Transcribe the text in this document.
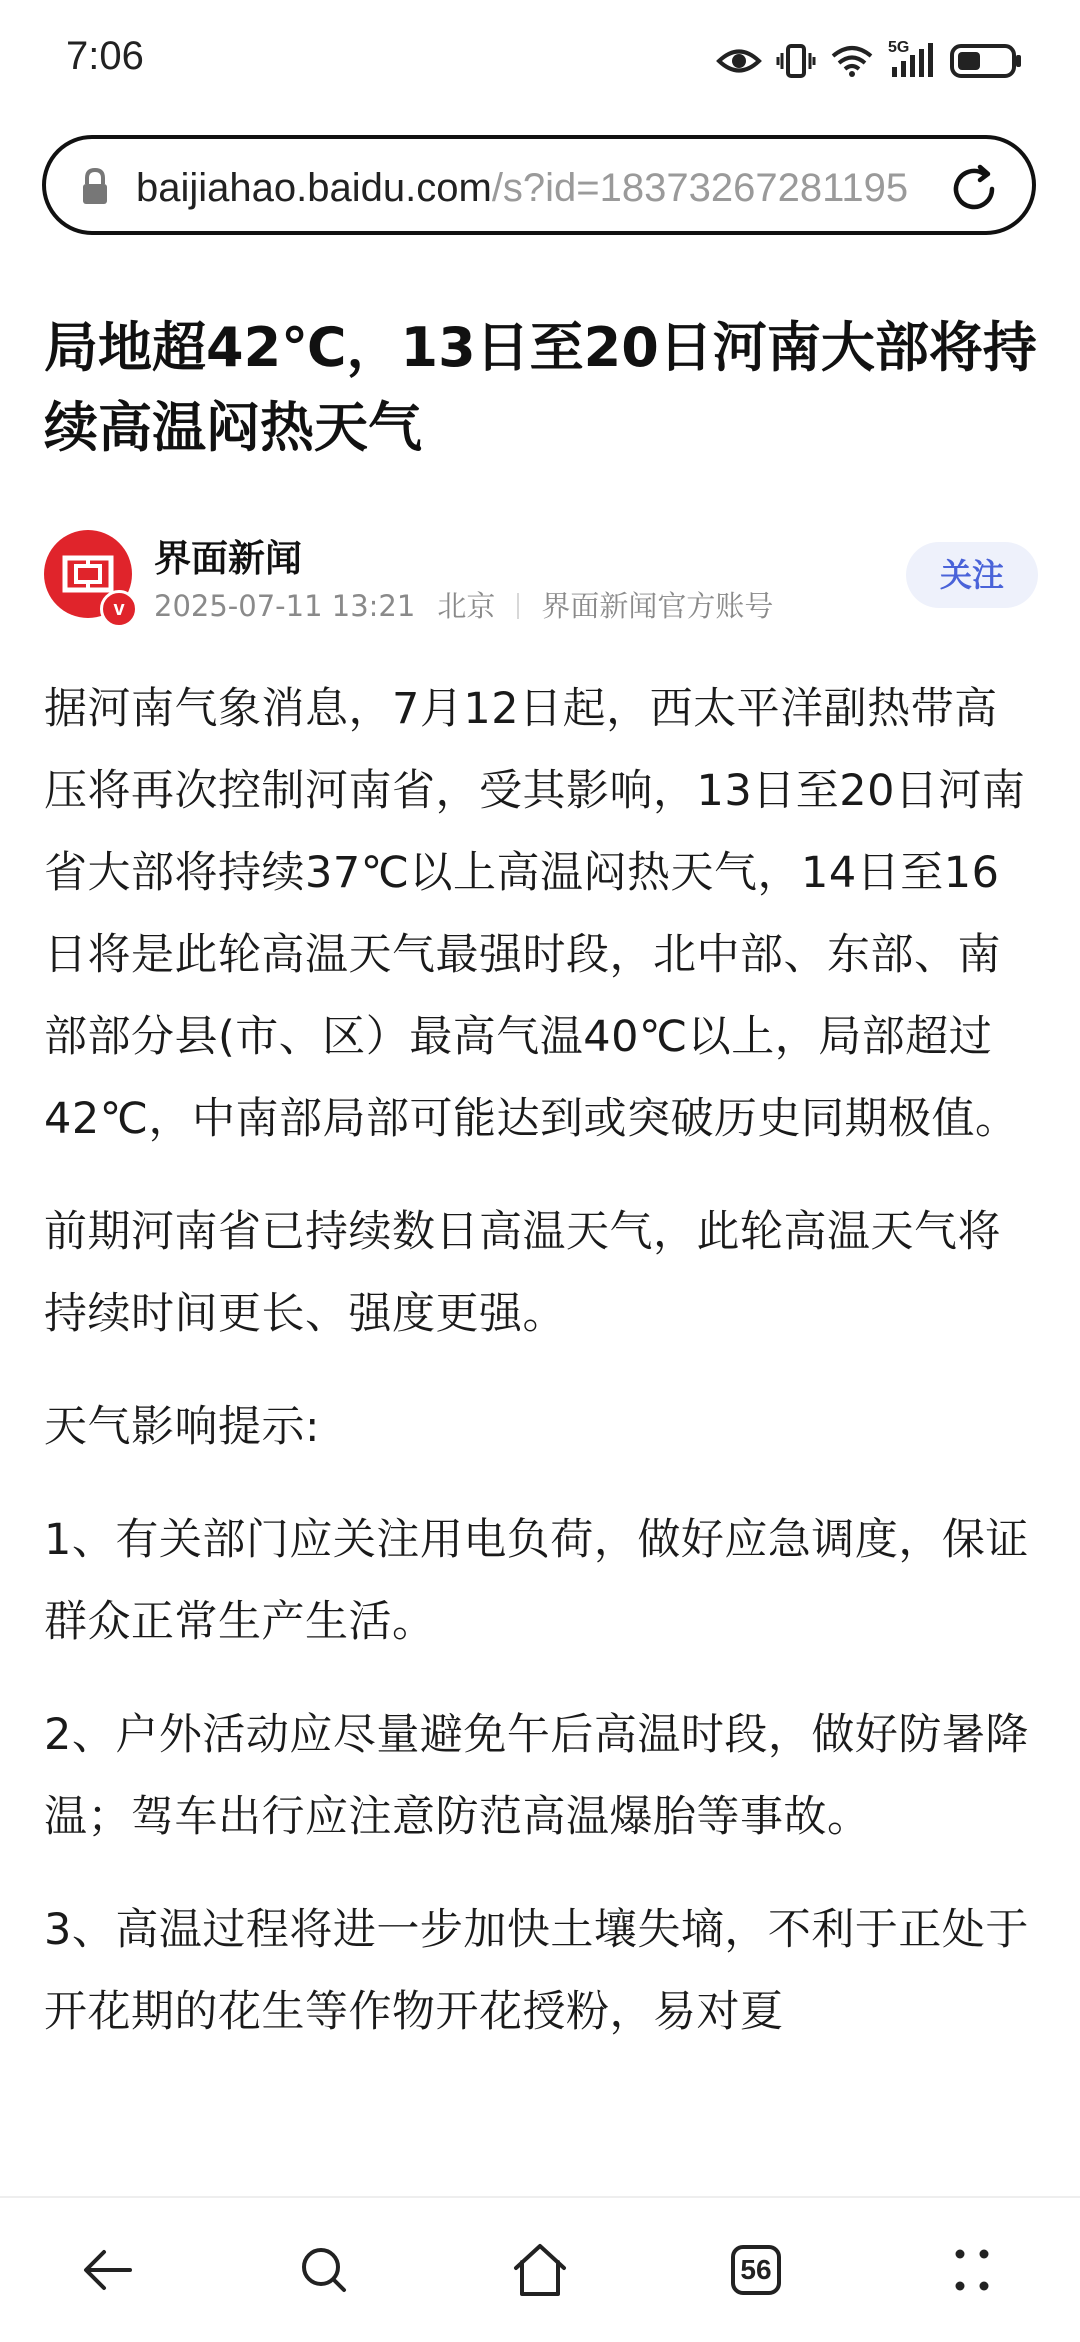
7:06	5G
baijiahao.baidu.com/s?id=18373267281195
局地超42℃，13日至20日河南大部将持续高温闷热天气
v
界面新闻
2025-07-11 13:21 北京 界面新闻官方账号
关注

据河南气象消息，7月12日起，西太平洋副热带高压将再次控制河南省，受其影响，13日至20日河南省大部将持续37℃以上高温闷热天气，14日至16日将是此轮高温天气最强时段，北中部、东部、南部部分县(市、区）最高气温40℃以上，局部超过42℃，中南部局部可能达到或突破历史同期极值。

前期河南省已持续数日高温天气，此轮高温天气将持续时间更长、强度更强。

天气影响提示:

1、有关部门应关注用电负荷，做好应急调度，保证群众正常生产生活。

2、户外活动应尽量避免午后高温时段，做好防暑降温；驾车出行应注意防范高温爆胎等事故。

3、高温过程将进一步加快土壤失墒，不利于正处于开花期的花生等作物开花授粉，易对夏

56
